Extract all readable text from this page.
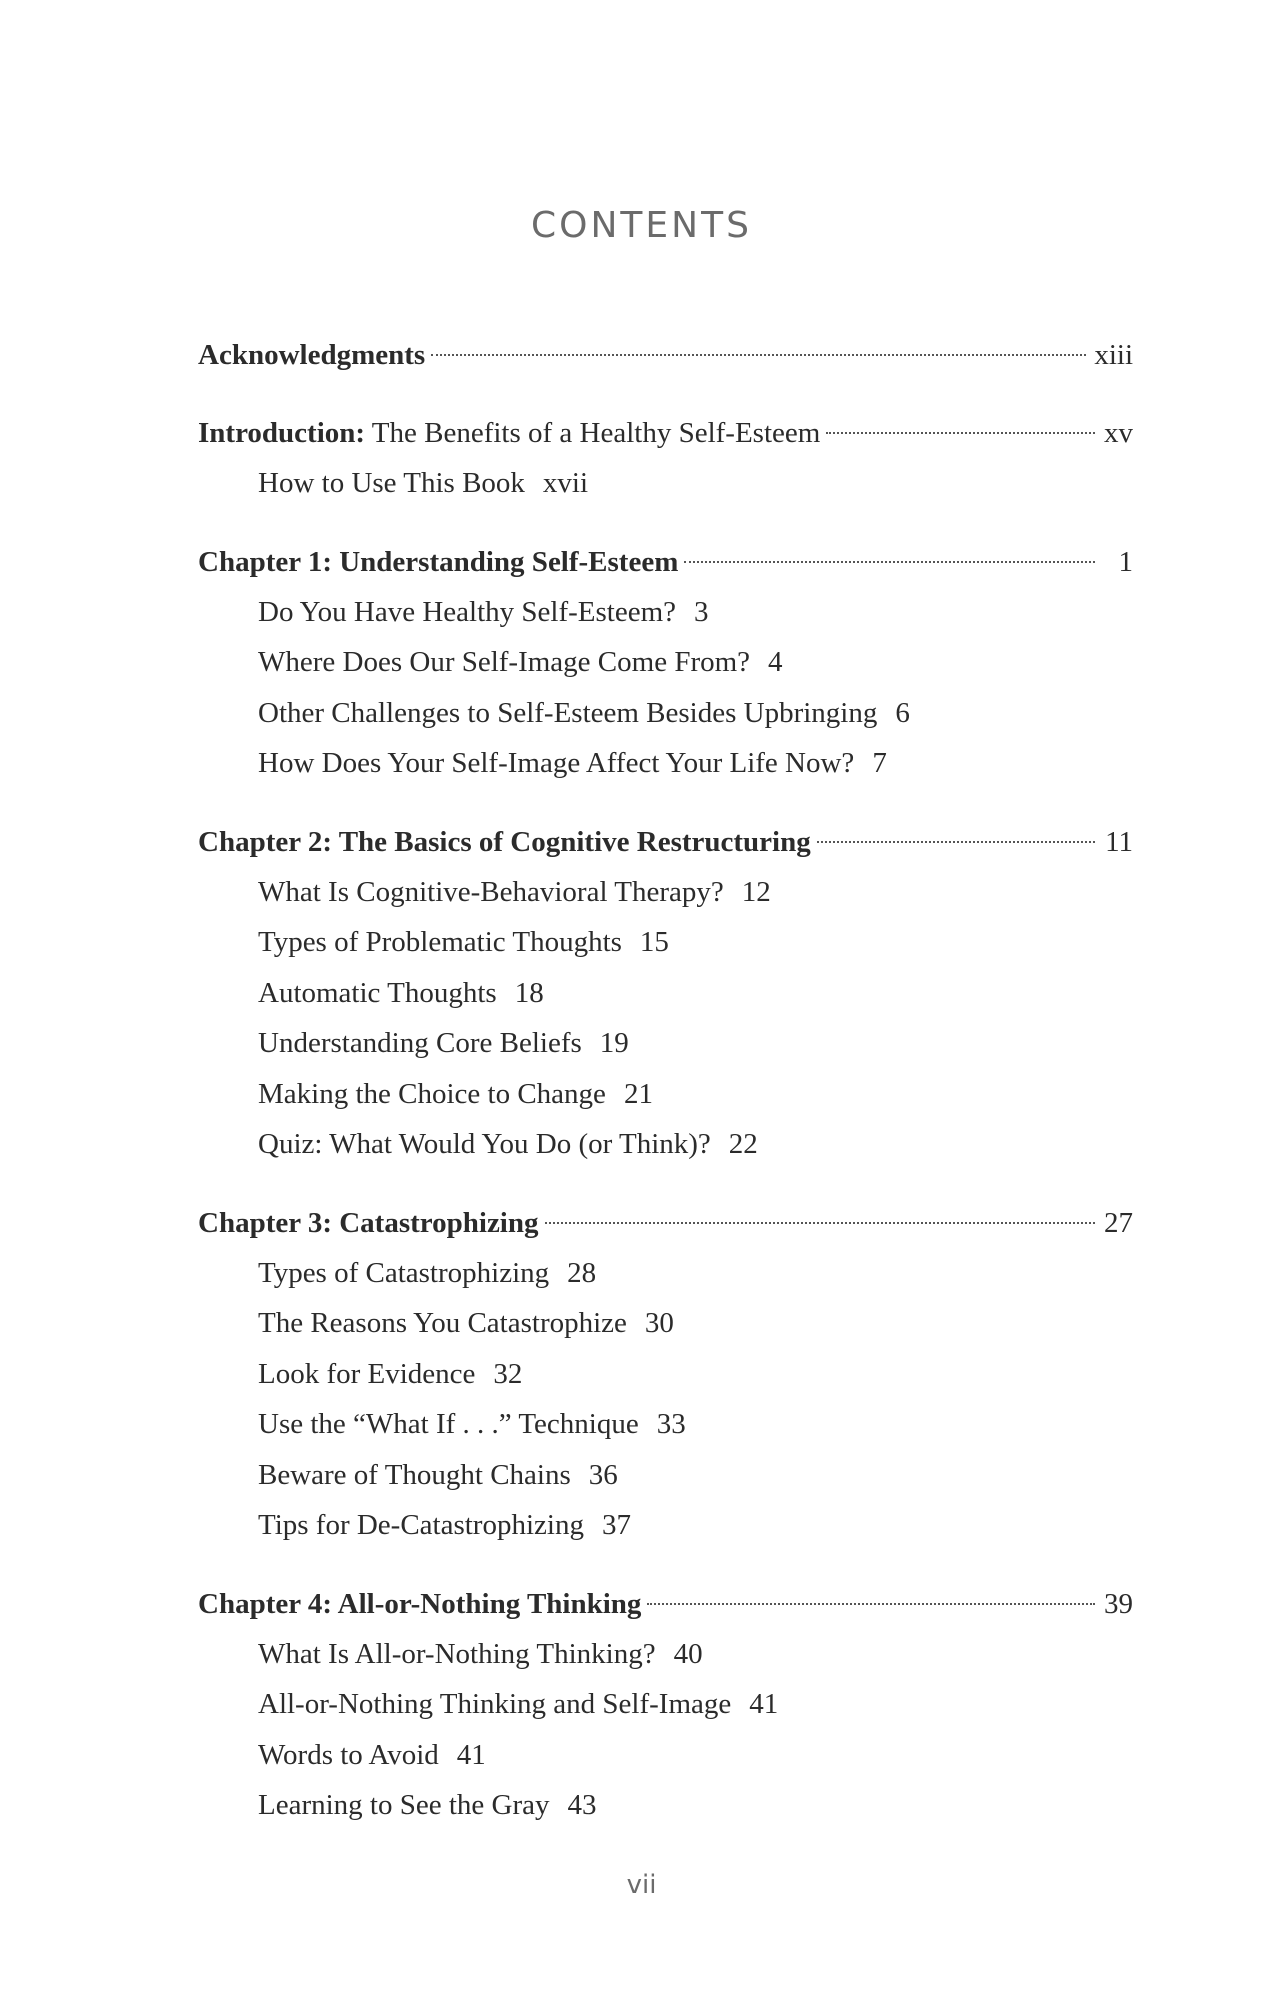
CONTENTS
Acknowledgments	xiii
Introduction: The Benefits of a Healthy Self-Esteem	xv
How to Use This Book xvii
Chapter 1: Understanding Self-Esteem	1
Do You Have Healthy Self-Esteem? 3
Where Does Our Self-Image Come From? 4
Other Challenges to Self-Esteem Besides Upbringing 6
How Does Your Self-Image Affect Your Life Now? 7
Chapter 2: The Basics of Cognitive Restructuring	11
What Is Cognitive-Behavioral Therapy? 12
Types of Problematic Thoughts 15
Automatic Thoughts 18
Understanding Core Beliefs 19
Making the Choice to Change 21
Quiz: What Would You Do (or Think)? 22
Chapter 3: Catastrophizing	27
Types of Catastrophizing 28
The Reasons You Catastrophize 30
Look for Evidence 32
Use the “What If . . .” Technique 33
Beware of Thought Chains 36
Tips for De-Catastrophizing 37
Chapter 4: All-or-Nothing Thinking	39
What Is All-or-Nothing Thinking? 40
All-or-Nothing Thinking and Self-Image 41
Words to Avoid 41
Learning to See the Gray 43
vii
